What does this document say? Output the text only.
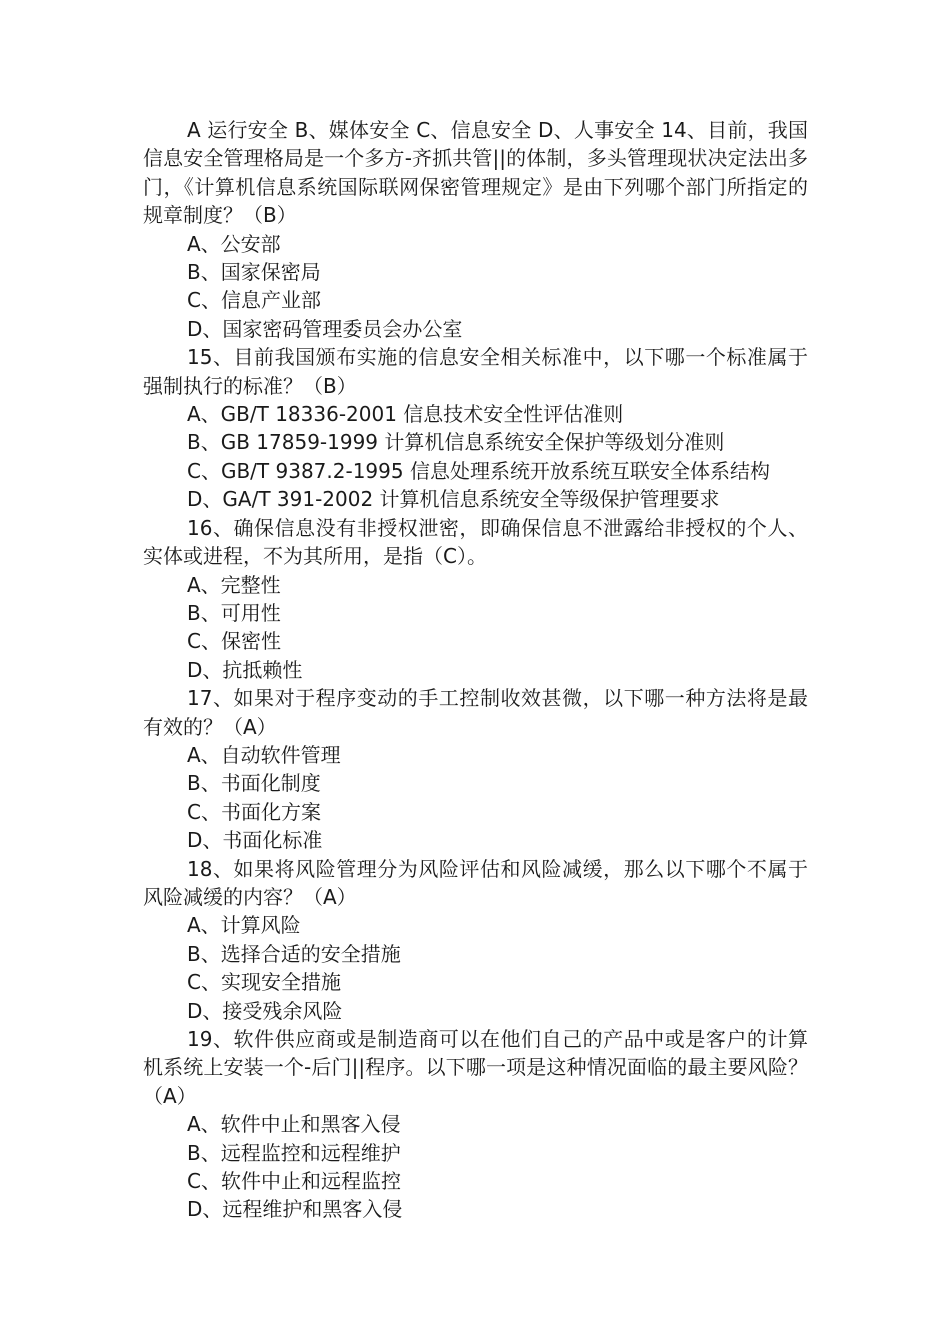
A 运行安全 B、媒体安全 C、信息安全 D、人事安全 14、目前，我国信息安全管理格局是一个多方‑齐抓共管||的体制，多头管理现状决定法出多门，《计算机信息系统国际联网保密管理规定》是由下列哪个部门所指定的规章制度？（B）

A、公安部

B、国家保密局

C、信息产业部

D、国家密码管理委员会办公室

15、目前我国颁布实施的信息安全相关标准中，以下哪一个标准属于强制执行的标准？（B）

A、GB/T 18336-2001 信息技术安全性评估准则

B、GB 17859-1999 计算机信息系统安全保护等级划分准则

C、GB/T 9387.2-1995 信息处理系统开放系统互联安全体系结构

D、GA/T 391-2002 计算机信息系统安全等级保护管理要求

16、确保信息没有非授权泄密，即确保信息不泄露给非授权的个人、实体或进程，不为其所用，是指（C）。

A、完整性

B、可用性

C、保密性

D、抗抵赖性

17、如果对于程序变动的手工控制收效甚微，以下哪一种方法将是最有效的？（A）

A、自动软件管理

B、书面化制度

C、书面化方案

D、书面化标准

18、如果将风险管理分为风险评估和风险减缓，那么以下哪个不属于风险减缓的内容？（A）

A、计算风险

B、选择合适的安全措施

C、实现安全措施

D、接受残余风险

19、软件供应商或是制造商可以在他们自己的产品中或是客户的计算机系统上安装一个‑后门||程序。以下哪一项是这种情况面临的最主要风险？（A）

A、软件中止和黑客入侵

B、远程监控和远程维护

C、软件中止和远程监控

D、远程维护和黑客入侵
